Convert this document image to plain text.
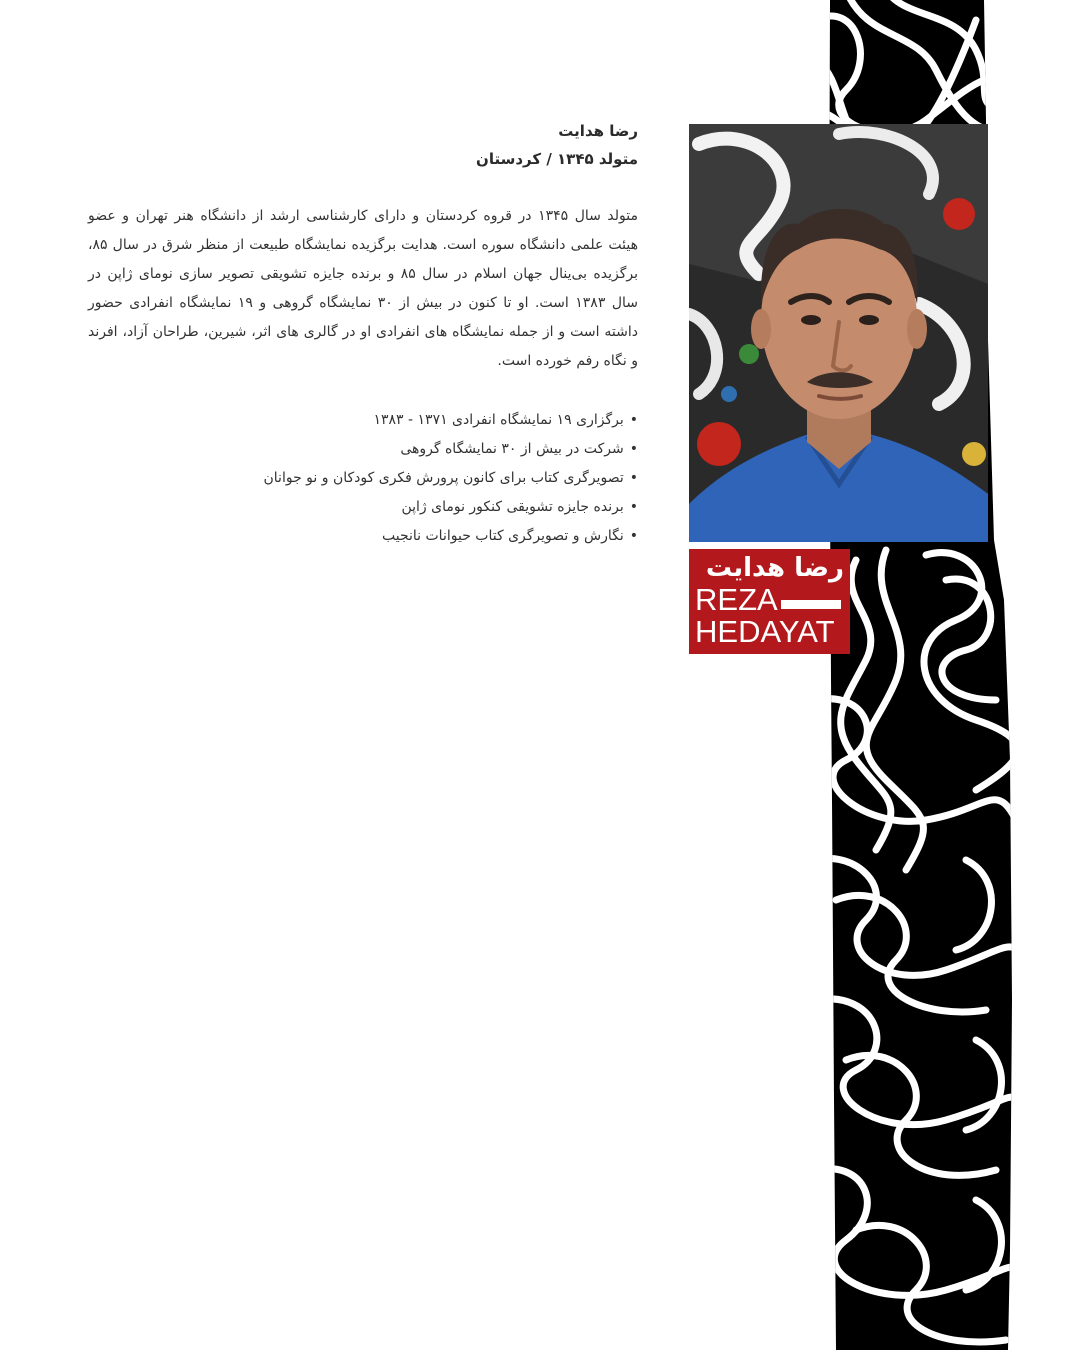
رضا هدایت

متولد ۱۳۴۵ / کردستان

متولد سال ۱۳۴۵ در قروه کردستان و دارای کارشناسی ارشد از دانشگاه هنر تهران و عضو هیئت علمی دانشگاه سوره است. هدایت برگزیده نمایشگاه طبیعت از منظر شرق در سال ۸۵، برگزیده بی‌ینال جهان اسلام در سال ۸۵ و برنده جایزه تشویقی تصویر سازی نومای ژاپن در سال ۱۳۸۳ است. او تا کنون در بیش از ۳۰ نمایشگاه گروهی و ۱۹ نمایشگاه انفرادی حضور داشته است و از جمله نمایشگاه های انفرادی او در گالری های اثر، شیرین، طراحان آزاد، افرند و نگاه رفم خورده است.

•برگزاری ۱۹ نمایشگاه انفرادی ۱۳۷۱ - ۱۳۸۳
•شرکت در بیش از ۳۰ نمایشگاه گروهی
•تصویرگری کتاب برای کانون پرورش فکری کودکان و نو جوانان
•برنده جایزه تشویقی کنکور نومای ژاپن
•نگارش و تصویرگری کتاب حیوانات نانجیب
رضا هدایت
REZA
HEDAYAT
